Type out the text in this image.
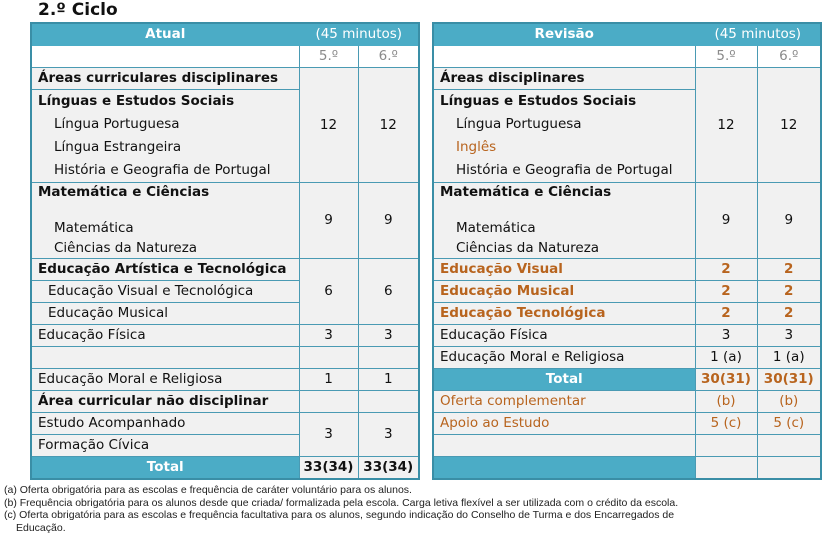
2.º Ciclo
Atual	(45 minutos)	
	5.º	6.º
Áreas curriculares disciplinares	12	12

Línguas e Estudos Sociais
Língua Portuguesa
Língua Estrangeira
História e Geografia de Portugal		

Matemática e Ciências
Matemática
Ciências da Natureza	9	9
Educação Artística e Tecnológica	6	6
Educação Visual e Tecnológica		
Educação Musical		
Educação Física	3	3

Educação Moral e Religiosa	1	1
Área curricular não disciplinar		
Estudo Acompanhado	3	3
Formação Cívica		
Total	33(34)	33(34)
Revisão	(45 minutos)	
	5.º	6.º
Áreas disciplinares	12	12

Línguas e Estudos Sociais
Língua Portuguesa
Inglês
História e Geografia de Portugal		

Matemática e Ciências
Matemática
Ciências da Natureza	9	9
Educação Visual	2	2
Educação Musical	2	2
Educação Tecnológica	2	2
Educação Física	3	3
Educação Moral e Religiosa	1 (a)	1 (a)
Total	30(31)	30(31)
Oferta complementar	(b)	(b)
Apoio ao Estudo	5 (c)	5 (c)

(a) Oferta obrigatória para as escolas e frequência de caráter voluntário para os alunos.
(b) Frequência obrigatória para os alunos desde que criada/ formalizada pela escola. Carga letiva flexível a ser utilizada com o crédito da escola.
(c) Oferta obrigatória para as escolas e frequência facultativa para os alunos, segundo indicação do Conselho de Turma e dos Encarregados de
Educação.
